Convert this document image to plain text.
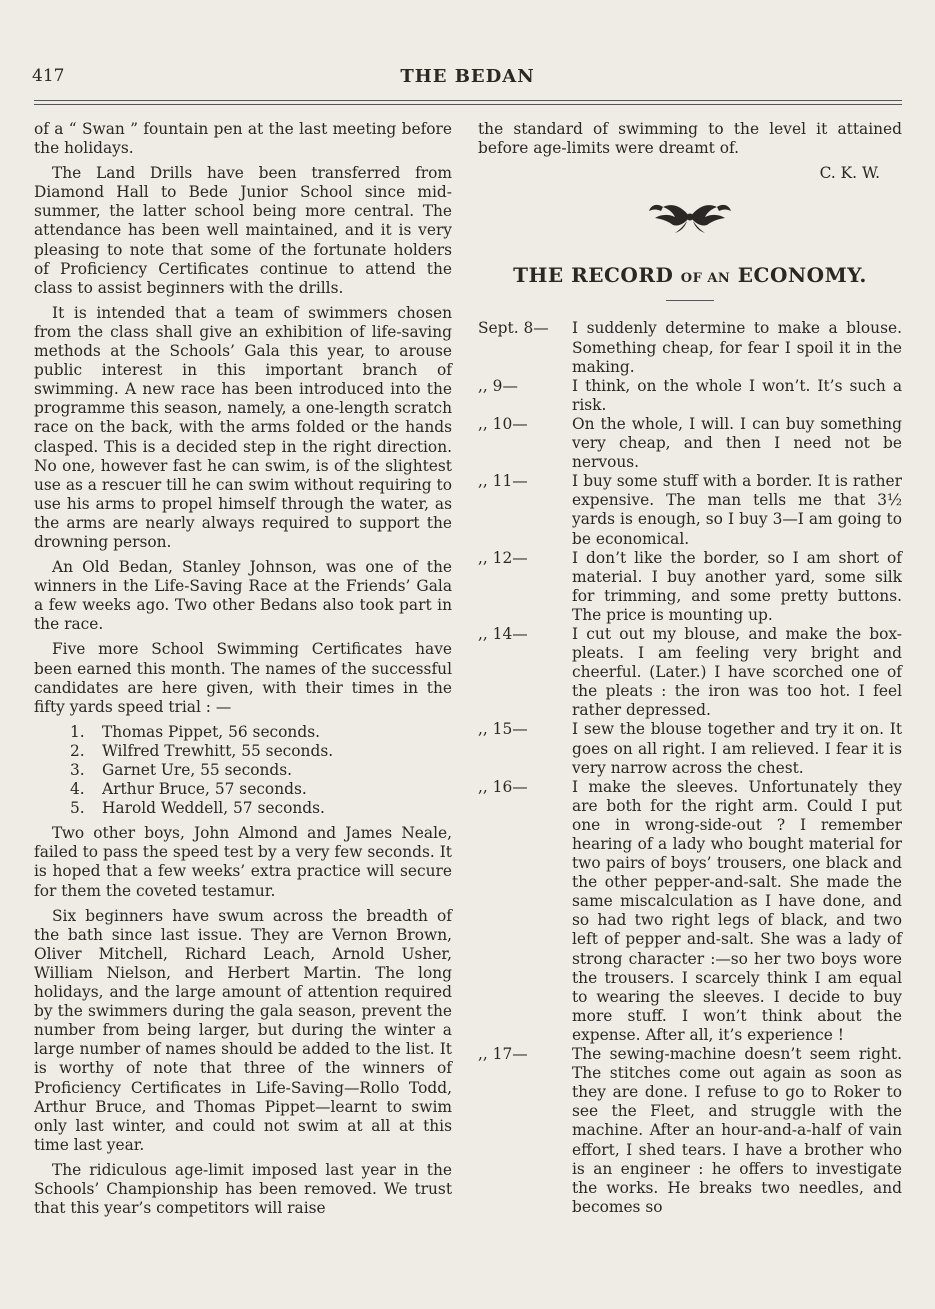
417	THE BEDAN

of a “ Swan ” fountain pen at the last meeting before the holidays.

The Land Drills have been transferred from Diamond Hall to Bede Junior School since mid-summer, the latter school being more central. The attendance has been well maintained, and it is very pleasing to note that some of the fortunate holders of Proficiency Certificates continue to attend the class to assist beginners with the drills.

It is intended that a team of swimmers chosen from the class shall give an exhibition of life-saving methods at the Schools’ Gala this year, to arouse public interest in this important branch of swimming. A new race has been introduced into the programme this season, namely, a one-length scratch race on the back, with the arms folded or the hands clasped. This is a decided step in the right direction. No one, however fast he can swim, is of the slightest use as a rescuer till he can swim without requiring to use his arms to propel himself through the water, as the arms are nearly always required to support the drowning person.

An Old Bedan, Stanley Johnson, was one of the winners in the Life-Saving Race at the Friends’ Gala a few weeks ago. Two other Bedans also took part in the race.

Five more School Swimming Certificates have been earned this month. The names of the successful candidates are here given, with their times in the fifty yards speed trial : —

1.	Thomas Pippet, 56 seconds.
2.	Wilfred Trewhitt, 55 seconds.
3.	Garnet Ure, 55 seconds.
4.	Arthur Bruce, 57 seconds.
5.	Harold Weddell, 57 seconds.

Two other boys, John Almond and James Neale, failed to pass the speed test by a very few seconds. It is hoped that a few weeks’ extra practice will secure for them the coveted testamur.

Six beginners have swum across the breadth of the bath since last issue. They are Vernon Brown, Oliver Mitchell, Richard Leach, Arnold Usher, William Nielson, and Herbert Martin. The long holidays, and the large amount of attention required by the swimmers during the gala season, prevent the number from being larger, but during the winter a large number of names should be added to the list. It is worthy of note that three of the winners of Proficiency Certificates in Life-Saving—Rollo Todd, Arthur Bruce, and Thomas Pippet—learnt to swim only last winter, and could not swim at all at this time last year.

The ridiculous age-limit imposed last year in the Schools’ Championship has been removed. We trust that this year’s competitors will raise

the standard of swimming to the level it attained before age-limits were dreamt of.

C. K. W.
THE RECORD OF AN ECONOMY.
Sept. 8—	I suddenly determine to make a blouse. Something cheap, for fear I spoil it in the making.
,, 9—	I think, on the whole I won’t. It’s such a risk.
,, 10—	On the whole, I will. I can buy something very cheap, and then I need not be nervous.
,, 11—	I buy some stuff with a border. It is rather expensive. The man tells me that 3½ yards is enough, so I buy 3—I am going to be economical.
,, 12—	I don’t like the border, so I am short of material. I buy another yard, some silk for trimming, and some pretty buttons. The price is mounting up.
,, 14—	I cut out my blouse, and make the box-pleats. I am feeling very bright and cheerful. (Later.) I have scorched one of the pleats : the iron was too hot. I feel rather depressed.
,, 15—	I sew the blouse together and try it on. It goes on all right. I am relieved. I fear it is very narrow across the chest.
,, 16—	I make the sleeves. Unfortunately they are both for the right arm. Could I put one in wrong-side-out ? I remember hearing of a lady who bought material for two pairs of boys’ trousers, one black and the other pepper-and-salt. She made the same miscalculation as I have done, and so had two right legs of black, and two left of pepper and-salt. She was a lady of strong character :—so her two boys wore the trousers. I scarcely think I am equal to wearing the sleeves. I decide to buy more stuff. I won’t think about the expense. After all, it’s experience !
,, 17—	The sewing-machine doesn’t seem right. The stitches come out again as soon as they are done. I refuse to go to Roker to see the Fleet, and struggle with the machine. After an hour-and-a-half of vain effort, I shed tears. I have a brother who is an engineer : he offers to investigate the works. He breaks two needles, and becomes so
